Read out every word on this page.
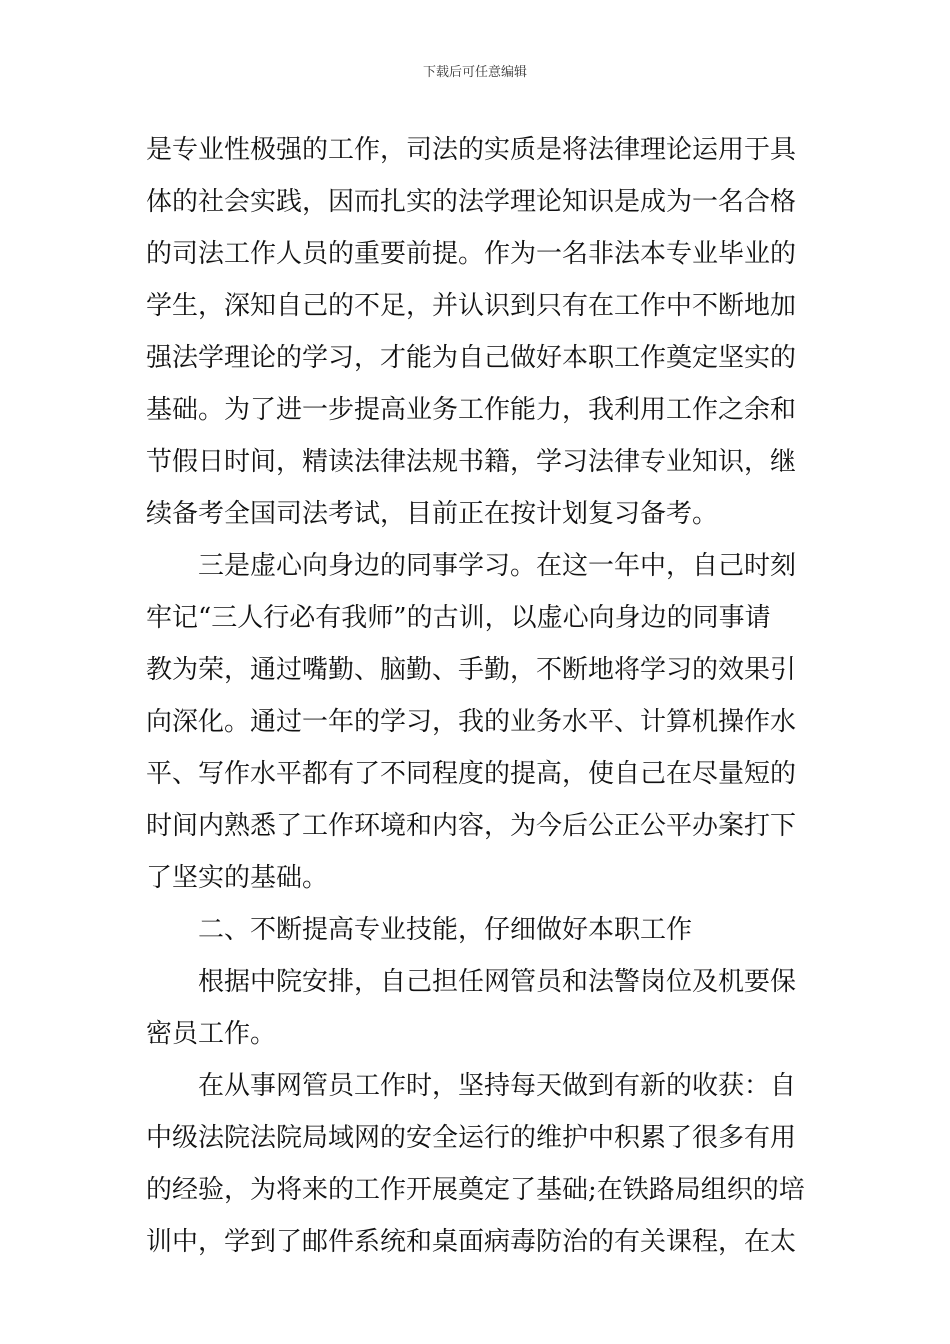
下载后可任意编辑
是专业性极强的工作，司法的实质是将法律理论运用于具
体的社会实践，因而扎实的法学理论知识是成为一名合格
的司法工作人员的重要前提。作为一名非法本专业毕业的
学生，深知自己的不足，并认识到只有在工作中不断地加
强法学理论的学习，才能为自己做好本职工作奠定坚实的
基础。为了进一步提高业务工作能力，我利用工作之余和
节假日时间，精读法律法规书籍，学习法律专业知识，继
续备考全国司法考试，目前正在按计划复习备考。
三是虚心向身边的同事学习。在这一年中，自己时刻
牢记“三人行必有我师”的古训，以虚心向身边的同事请
教为荣，通过嘴勤、脑勤、手勤，不断地将学习的效果引
向深化。通过一年的学习，我的业务水平、计算机操作水
平、写作水平都有了不同程度的提高，使自己在尽量短的
时间内熟悉了工作环境和内容，为今后公正公平办案打下
了坚实的基础。
二、不断提高专业技能，仔细做好本职工作
根据中院安排，自己担任网管员和法警岗位及机要保
密员工作。
在从事网管员工作时，坚持每天做到有新的收获：自
中级法院法院局域网的安全运行的维护中积累了很多有用
的经验，为将来的工作开展奠定了基础;在铁路局组织的培
训中，学到了邮件系统和桌面病毒防治的有关课程，在太
